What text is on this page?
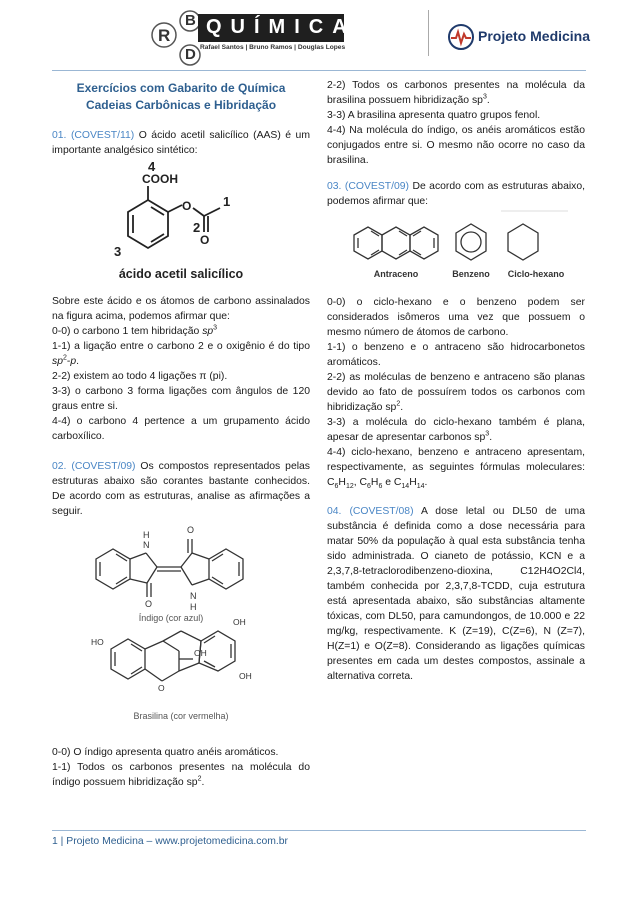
R
B
D
QUÍMICA
Rafael Santos | Bruno Ramos | Douglas Lopes
Projeto Medicina
Exercícios com Gabarito de Química
Cadeias Carbônicas e Hibridação

01. (COVEST/11) O ácido acetil salicílico (AAS) é um importante analgésico sintético:

COOH
O
O
4
1
2
3
ácido acetil salicílico

Sobre este ácido e os átomos de carbono assinalados na figura acima, podemos afirmar que:

0-0) o carbono 1 tem hibridação $sp^3$

1-1) a ligação entre o carbono 2 e o oxigênio é do tipo $sp^2-p$.

2-2) existem ao todo 4 ligações π (pi).

3-3) o carbono 3 forma ligações com ângulos de 120 graus entre si.

4-4) o carbono 4 pertence a um grupamento ácido carboxílico.

02. (COVEST/09) Os compostos representados pelas estruturas abaixo são corantes bastante conhecidos. De acordo com as estruturas, analise as afirmações a seguir.

O
O
N
H
N
H
Índigo (cor azul)
HO
OH
OH
OH
O
Brasilina (cor vermelha)

0-0) O índigo apresenta quatro anéis aromáticos.

1-1) Todos os carbonos presentes na molécula do índigo possuem hibridização $sp^2$.

2-2) Todos os carbonos presentes na molécula da brasilina possuem hibridização $sp^3$.

3-3) A brasilina apresenta quatro grupos fenol.

4-4) Na molécula do índigo, os anéis aromáticos estão conjugados entre si. O mesmo não ocorre no caso da brasilina.

03. (COVEST/09) De acordo com as estruturas abaixo, podemos afirmar que:

Antraceno	Benzeno Ciclo-hexano

0-0) o ciclo-hexano e o benzeno podem ser considerados isômeros uma vez que possuem o mesmo número de átomos de carbono.

1-1) o benzeno e o antraceno são hidrocarbonetos aromáticos.

2-2) as moléculas de benzeno e antraceno são planas devido ao fato de possuírem todos os carbonos com hibridização $sp^2$.

3-3) a molécula do ciclo-hexano também é plana, apesar de apresentar carbonos $sp^3$.

4-4) ciclo-hexano, benzeno e antraceno apresentam, respectivamente, as seguintes fórmulas moleculares: $C_6H_{12}$, $C_6H_6$ e $C_{14}H_{14}$.

04. (COVEST/08) A dose letal ou DL50 de uma substância é definida como a dose necessária para matar 50% da população à qual esta substância tenha sido administrada. O cianeto de potássio, KCN e a 2,3,7,8-tetraclorodibenzeno-dioxina, C12H4O2Cl4, também conhecida por 2,3,7,8-TCDD, cuja estrutura está apresentada abaixo, são substâncias altamente tóxicas, com DL50, para camundongos, de 10.000 e 22 mg/kg, respectivamente. K (Z=19), C(Z=6), N (Z=7), H(Z=1) e O(Z=8). Considerando as ligações químicas presentes em cada um destes compostos, assinale a alternativa correta.

1 | Projeto Medicina – www.projetomedicina.com.br
